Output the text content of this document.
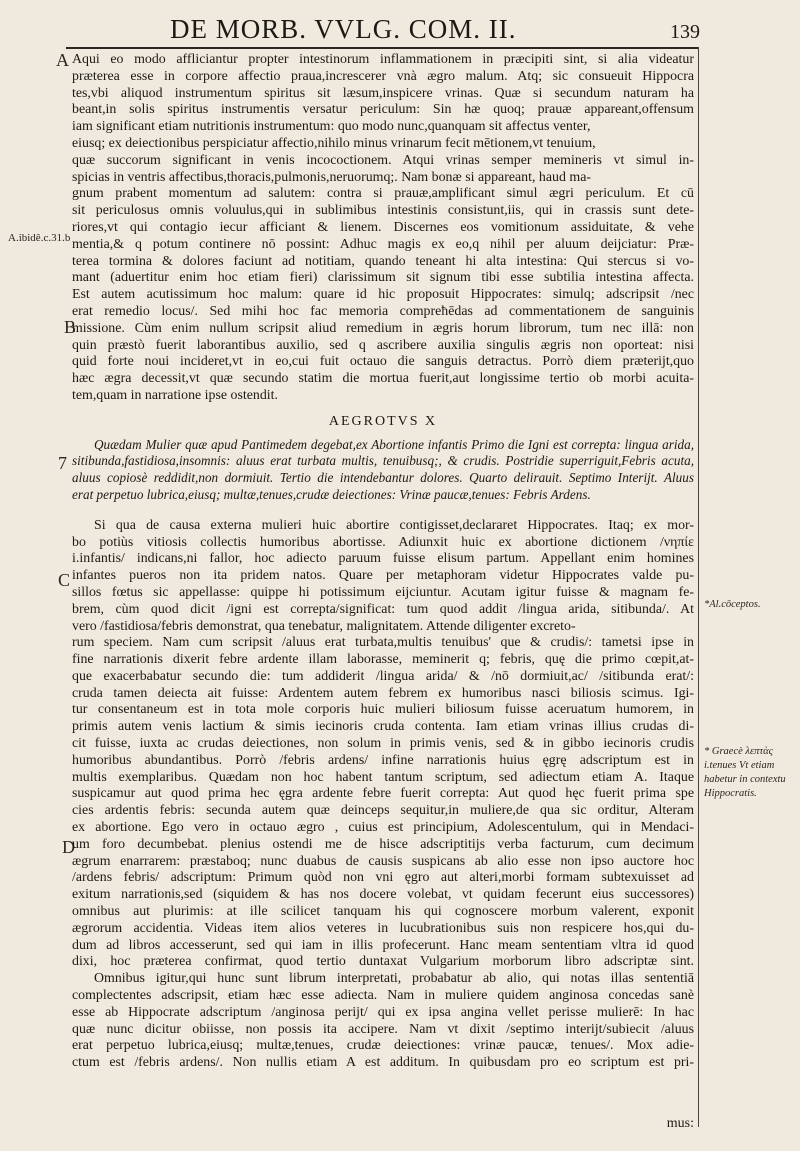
DE MORB. VVLG. COM. II.	139
A
A.ibidē.c.31.b
B
7
C
D
*Al.cōceptos.
* Graecè λεπτὰς i.tenues Vt etiam habetur in contextu Hippocratis.
Aqui eo modo affliciantur propter intestinorum inflammationem in præcipiti sint, si alia videatur
præterea esse in corpore affectio praua,increscerer vnà ægro malum. Atq; sic consueuit Hippocra
tes,vbi aliquod instrumentum spiritus sit læsum,inspicere vrinas. Quæ si secundum naturam ha
beant,in solis spiritus instrumentis versatur periculum: Sin hæ quoq; prauæ appareant,offensum
iam significant etiam nutritionis instrumentum: quo modo nunc,quanquam sit affectus venter,
eiusq; ex deiectionibus perspiciatur affectio,nihilo minus vrinarum fecit mētionem,vt tenuium,
quæ succorum significant in venis incococtionem. Atqui vrinas semper memineris vt simul in-
spicias in ventris affectibus,thoracis,pulmonis,neruorumq;. Nam bonæ si appareant, haud ma-
gnum prabent momentum ad salutem: contra si prauæ,amplificant simul ægri periculum. Et cū
sit periculosus omnis voluulus,qui in sublimibus intestinis consistunt,iis, qui in crassis sunt dete-
riores,vt qui contagio iecur afficiant & lienem. Discernes eos vomitionum assiduitate, & vehe
mentia,& q potum continere nō possint: Adhuc magis ex eo,q nihil per aluum deijciatur: Præ-
terea tormina & dolores faciunt ad notitiam, quando teneant hi alta intestina: Qui stercus si vo-
mant (aduertitur enim hoc etiam fieri) clarissimum sit signum tibi esse subtilia intestina affecta.
Est autem acutissimum hoc malum: quare id hic proposuit Hippocrates: simulq; adscripsit /nec
erat remedio locus/. Sed mihi hoc fac memoria compreħēdas ad commentationem de sanguinis
missione. Cùm enim nullum scripsit aliud remedium in ægris horum librorum, tum nec illā: non
quin præstò fuerit laborantibus auxilio, sed q ascribere auxilia singulis ægris non oporteat: nisi
quid forte noui incideret,vt in eo,cui fuit octauo die sanguis detractus. Porrò diem præterijt,quo
hæc ægra decessit,vt quæ secundo statim die mortua fuerit,aut longissime tertio ob morbi acuita-
tem,quam in narratione ipse ostendit.
AEGROTVS X
Quædam Mulier quæ apud Pantimedem degebat,ex Abortione infantis Primo die Igni est correpta: lingua arida,
sitibunda,fastidiosa,insomnis: aluus erat turbata multis, tenuibusq;, & crudis. Postridie superriguit,Febris acuta,
aluus copiosè reddidit,non dormiuit. Tertio die intendebantur dolores. Quarto delirauit. Septimo Interijt. Aluus
erat perpetuo lubrica,eiusq; multæ,tenues,crudæ deiectiones: Vrinæ paucæ,tenues: Febris Ardens.
Si qua de causa externa mulieri huic abortire contigisset,declararet Hippocrates. Itaq; ex mor-
bo potiùs vitiosis collectis humoribus abortisse. Adiunxit huic ex abortione dictionem /νηπίε
i.infantis/ indicans,ni fallor, hoc adiecto paruum fuisse elisum partum. Appellant enim homines
infantes pueros non ita pridem natos. Quare per metaphoram videtur Hippocrates valde pu-
sillos fœtus sic appellasse: quippe hi potissimum eijciuntur. Acutam igitur fuisse & magnam fe-
brem, cùm quod dicit /igni est correpta/significat: tum quod addit /lingua arida, sitibunda/. At
vero /fastidiosa/febris demonstrat, qua tenebatur, malignitatem. Attende diligenter excreto-
rum speciem. Nam cum scripsit /aluus erat turbata,multis tenuibus' que & crudis/: tametsi ipse in
fine narrationis dixerit febre ardente illam laborasse, meminerit q; febris, quę die primo cœpit,at-
que exacerbabatur secundo die: tum addiderit /lingua arida/ & /nō dormiuit,ac/ /sitibunda erat/:
cruda tamen deiecta ait fuisse: Ardentem autem febrem ex humoribus nasci biliosis scimus. Igi-
tur consentaneum est in tota mole corporis huic mulieri biliosum fuisse aceruatum humorem, in
primis autem venis lactium & simis iecinoris cruda contenta. Iam etiam vrinas illius crudas di-
cit fuisse, iuxta ac crudas deiectiones, non solum in primis venis, sed & in gibbo iecinoris crudis
humoribus abundantibus. Porrò /febris ardens/ infine narrationis huius ęgrę adscriptum est in
multis exemplaribus. Quædam non hoc habent tantum scriptum, sed adiectum etiam A. Itaque
suspicamur aut quod prima hec ęgra ardente febre fuerit correpta: Aut quod hęc fuerit prima spe
cies ardentis febris: secunda autem quæ deinceps sequitur,in muliere,de qua sic orditur, Alteram
ex abortione. Ego vero in octauo ægro , cuius est principium, Adolescentulum, qui in Mendaci-
um foro decumbebat. plenius ostendi me de hisce adscriptitijs verba facturum, cum decimum
ægrum enarrarem: præstaboq; nunc duabus de causis suspicans ab alio esse non ipso auctore hoc
/ardens febris/ adscriptum: Primum quòd non vni ęgro aut alteri,morbi formam subtexuisset ad
exitum narrationis,sed (siquidem & has nos docere volebat, vt quidam fecerunt eius successores)
omnibus aut plurimis: at ille scilicet tanquam his qui cognoscere morbum valerent, exponit
ægrorum accidentia. Videas item alios veteres in lucubrationibus suis non respicere hos,qui du-
dum ad libros accesserunt, sed qui iam in illis profecerunt. Hanc meam sententiam vltra id quod
dixi, hoc præterea confirmat, quod tertio duntaxat Vulgarium morborum libro adscriptæ sint.
Omnibus igitur,qui hunc sunt librum interpretati, probabatur ab alio, qui notas illas sententiā
complectentes adscripsit, etiam hæc esse adiecta. Nam in muliere quidem anginosa concedas sanè
esse ab Hippocrate adscriptum /anginosa perijt/ qui ex ipsa angina vellet perisse mulierē: In hac
quæ nunc dicitur obiisse, non possis ita accipere. Nam vt dixit /septimo interijt/subiecit /aluus
erat perpetuo lubrica,eiusq; multæ,tenues, crudæ deiectiones: vrinæ paucæ, tenues/. Mox adie-
ctum est /febris ardens/. Non nullis etiam A est additum. In quibusdam pro eo scriptum est pri-
mus:
